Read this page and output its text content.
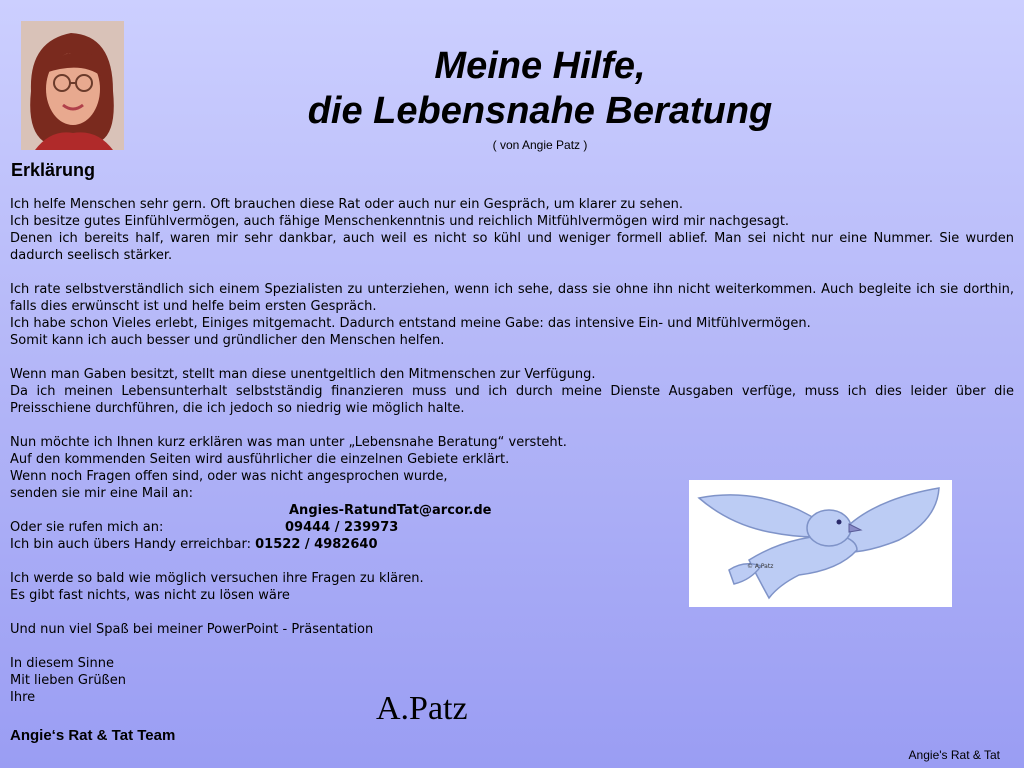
Meine Hilfe,
die Lebensnahe Beratung
( von Angie Patz )
Erklärung

Ich helfe Menschen sehr gern. Oft brauchen diese Rat oder auch nur ein Gespräch, um klarer zu sehen.

Ich besitze gutes Einfühlvermögen, auch fähige Menschenkenntnis und reichlich Mitfühlvermögen wird mir nachgesagt.

Denen ich bereits half, waren mir sehr dankbar, auch weil es nicht so kühl und weniger formell ablief. Man sei nicht nur eine Nummer. Sie wurden dadurch seelisch stärker.

Ich rate selbstverständlich sich einem Spezialisten zu unterziehen, wenn ich sehe, dass sie ohne ihn nicht weiterkommen. Auch begleite ich sie dorthin, falls dies erwünscht ist und helfe beim ersten Gespräch.

Ich habe schon Vieles erlebt, Einiges mitgemacht. Dadurch entstand meine Gabe: das intensive Ein- und Mitfühlvermögen.

Somit kann ich auch besser und gründlicher den Menschen helfen.

Wenn man Gaben besitzt, stellt man diese unentgeltlich den Mitmenschen zur Verfügung.

Da ich meinen Lebensunterhalt selbstständig finanzieren muss und ich durch meine Dienste Ausgaben verfüge, muss ich dies leider über die Preisschiene durchführen, die ich jedoch so niedrig wie möglich halte.

Nun möchte ich Ihnen kurz erklären was man unter „Lebensnahe Beratung“ versteht.

Auf den kommenden Seiten wird ausführlicher die einzelnen Gebiete erklärt.

Wenn noch Fragen offen sind, oder was nicht angesprochen wurde,

senden sie mir eine Mail an:

Angies-RatundTat@arcor.de

Oder sie rufen mich an:	09444 / 239973

Ich bin auch übers Handy erreichbar: 01522 / 4982640

Ich werde so bald wie möglich versuchen ihre Fragen zu klären.

Es gibt fast nichts, was nicht zu lösen wäre

Und nun viel Spaß bei meiner PowerPoint - Präsentation

In diesem Sinne

Mit lieben Grüßen

Ihre

© A.Patz
A.Patz
Angie‘s Rat & Tat Team
Angie's Rat & Tat
